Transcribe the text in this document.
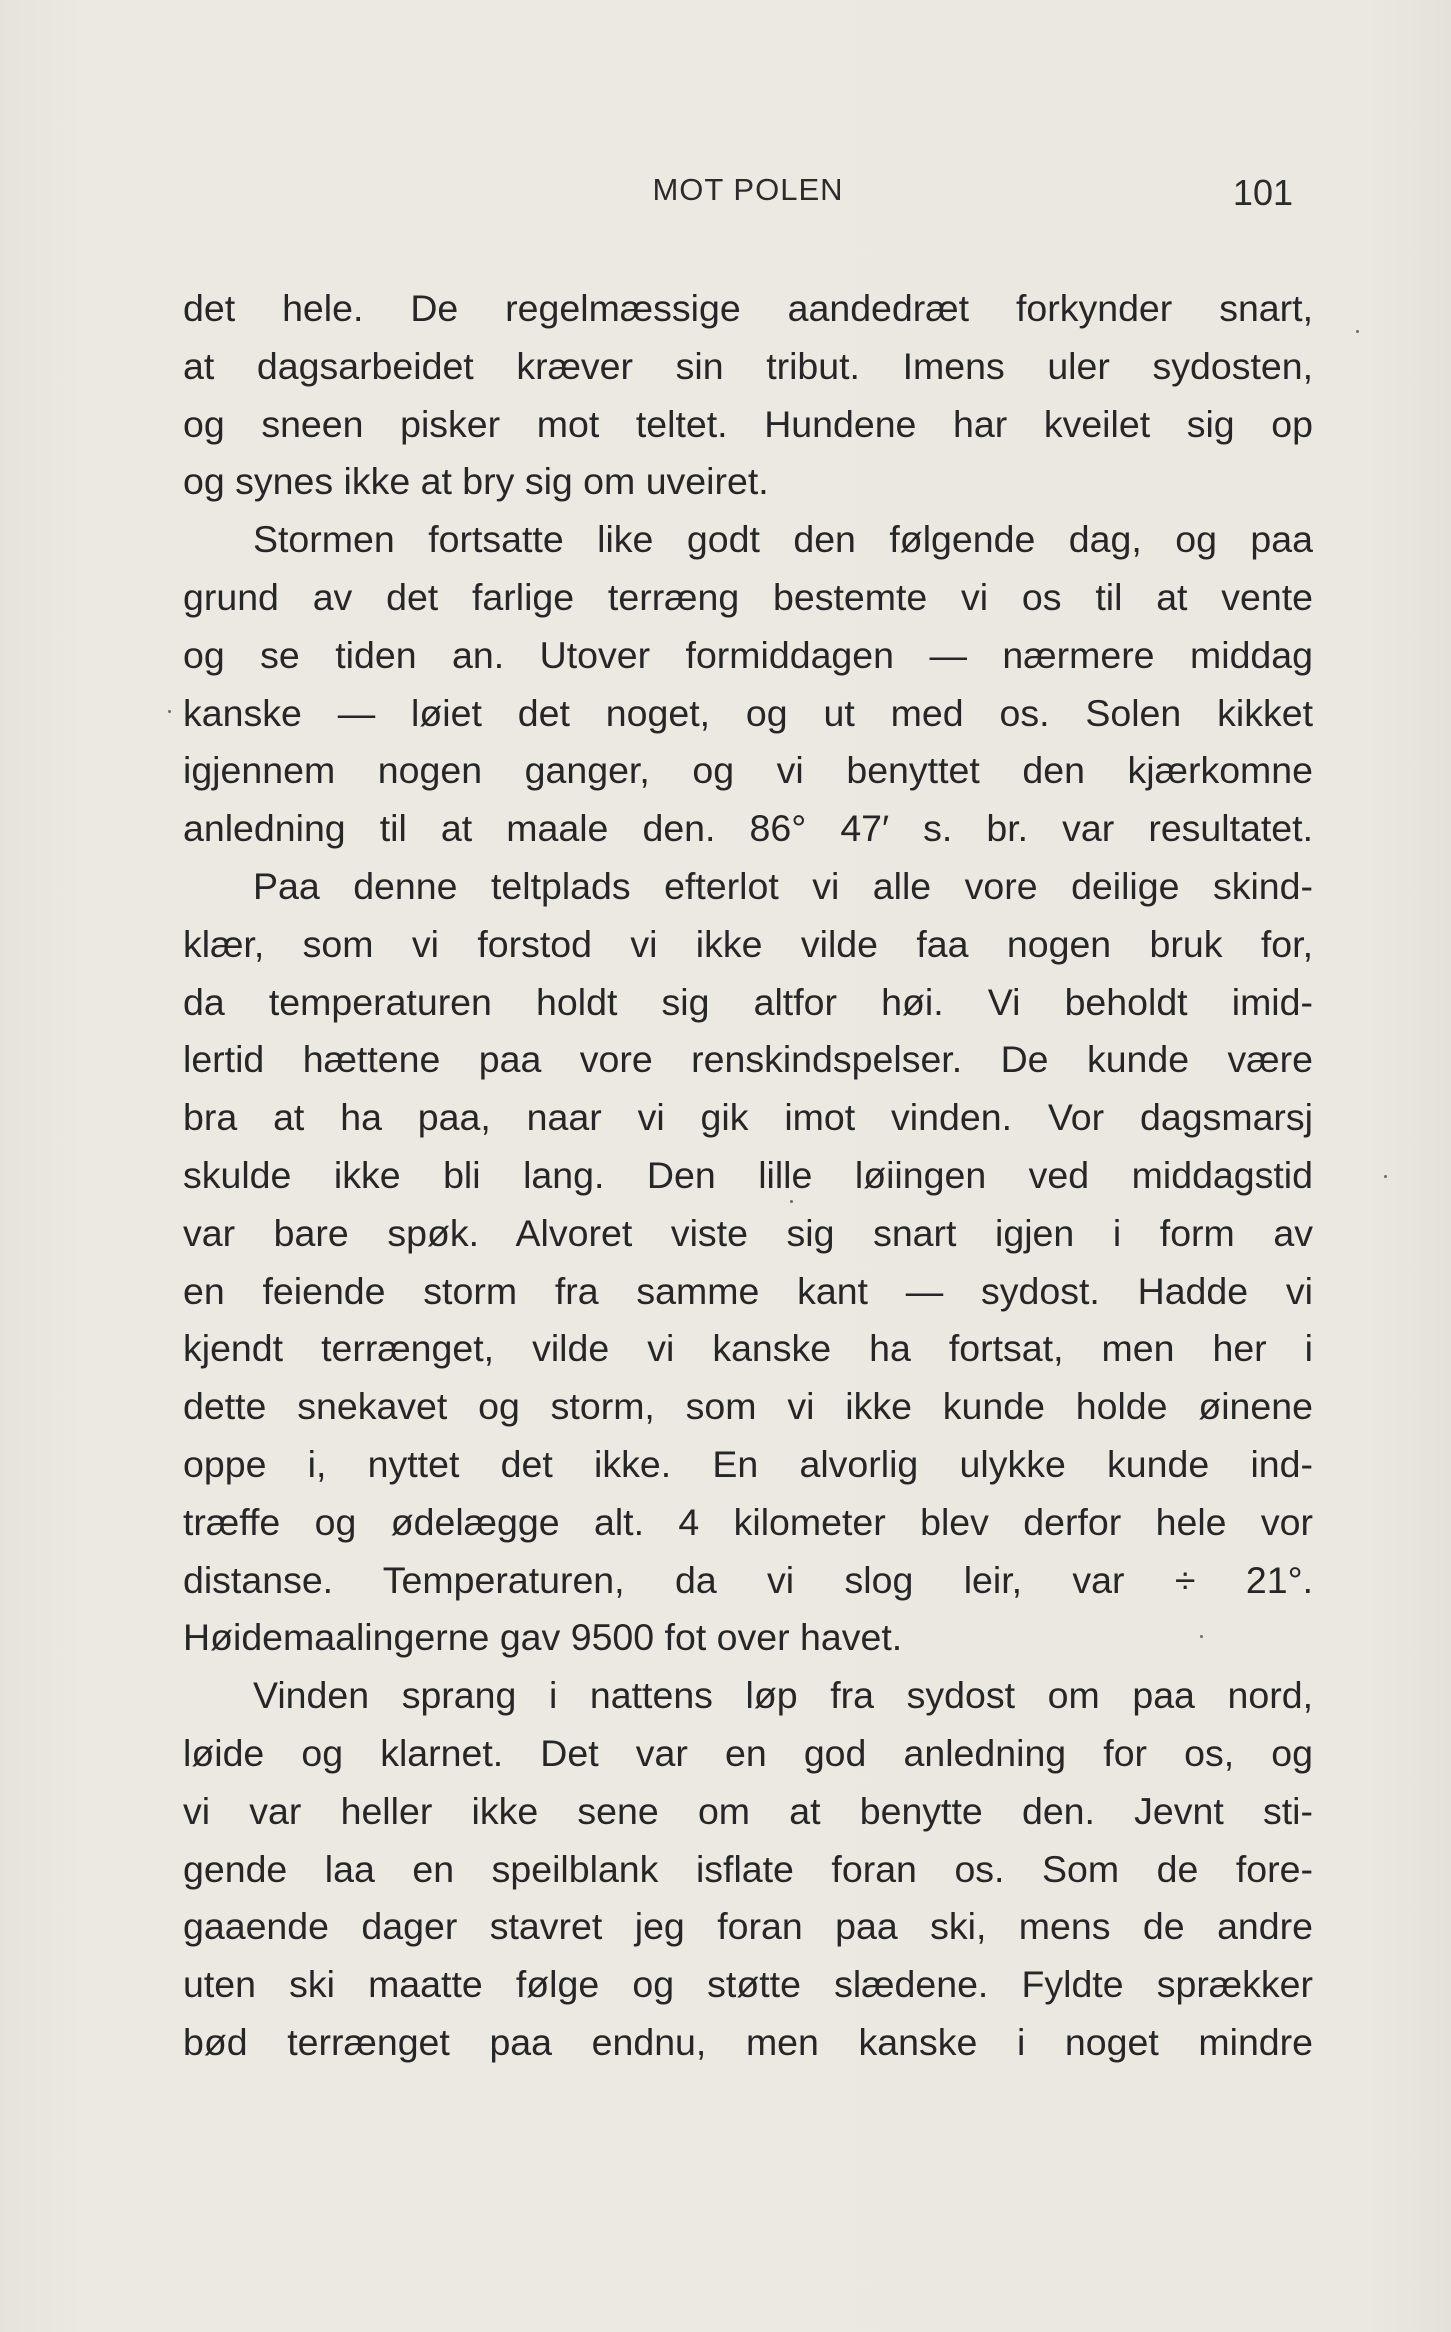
MOT POLEN	101
det hele. De regelmæssige aandedræt forkynder snart,
at dagsarbeidet kræver sin tribut. Imens uler sydosten,
og sneen pisker mot teltet. Hundene har kveilet sig op
og synes ikke at bry sig om uveiret.
Stormen fortsatte like godt den følgende dag, og paa
grund av det farlige terræng bestemte vi os til at vente
og se tiden an. Utover formiddagen — nærmere middag
kanske — løiet det noget, og ut med os. Solen kikket
igjennem nogen ganger, og vi benyttet den kjærkomne
anledning til at maale den. 86° 47′ s. br. var resultatet.
Paa denne teltplads efterlot vi alle vore deilige skind-
klær, som vi forstod vi ikke vilde faa nogen bruk for,
da temperaturen holdt sig altfor høi. Vi beholdt imid-
lertid hættene paa vore renskindspelser. De kunde være
bra at ha paa, naar vi gik imot vinden. Vor dagsmarsj
skulde ikke bli lang. Den lille løiingen ved middagstid
var bare spøk. Alvoret viste sig snart igjen i form av
en feiende storm fra samme kant — sydost. Hadde vi
kjendt terrænget, vilde vi kanske ha fortsat, men her i
dette snekavet og storm, som vi ikke kunde holde øinene
oppe i, nyttet det ikke. En alvorlig ulykke kunde ind-
træffe og ødelægge alt. 4 kilometer blev derfor hele vor
distanse. Temperaturen, da vi slog leir, var ÷ 21°.
Høidemaalingerne gav 9500 fot over havet.
Vinden sprang i nattens løp fra sydost om paa nord,
løide og klarnet. Det var en god anledning for os, og
vi var heller ikke sene om at benytte den. Jevnt sti-
gende laa en speilblank isflate foran os. Som de fore-
gaaende dager stavret jeg foran paa ski, mens de andre
uten ski maatte følge og støtte slædene. Fyldte sprækker
bød terrænget paa endnu, men kanske i noget mindre
